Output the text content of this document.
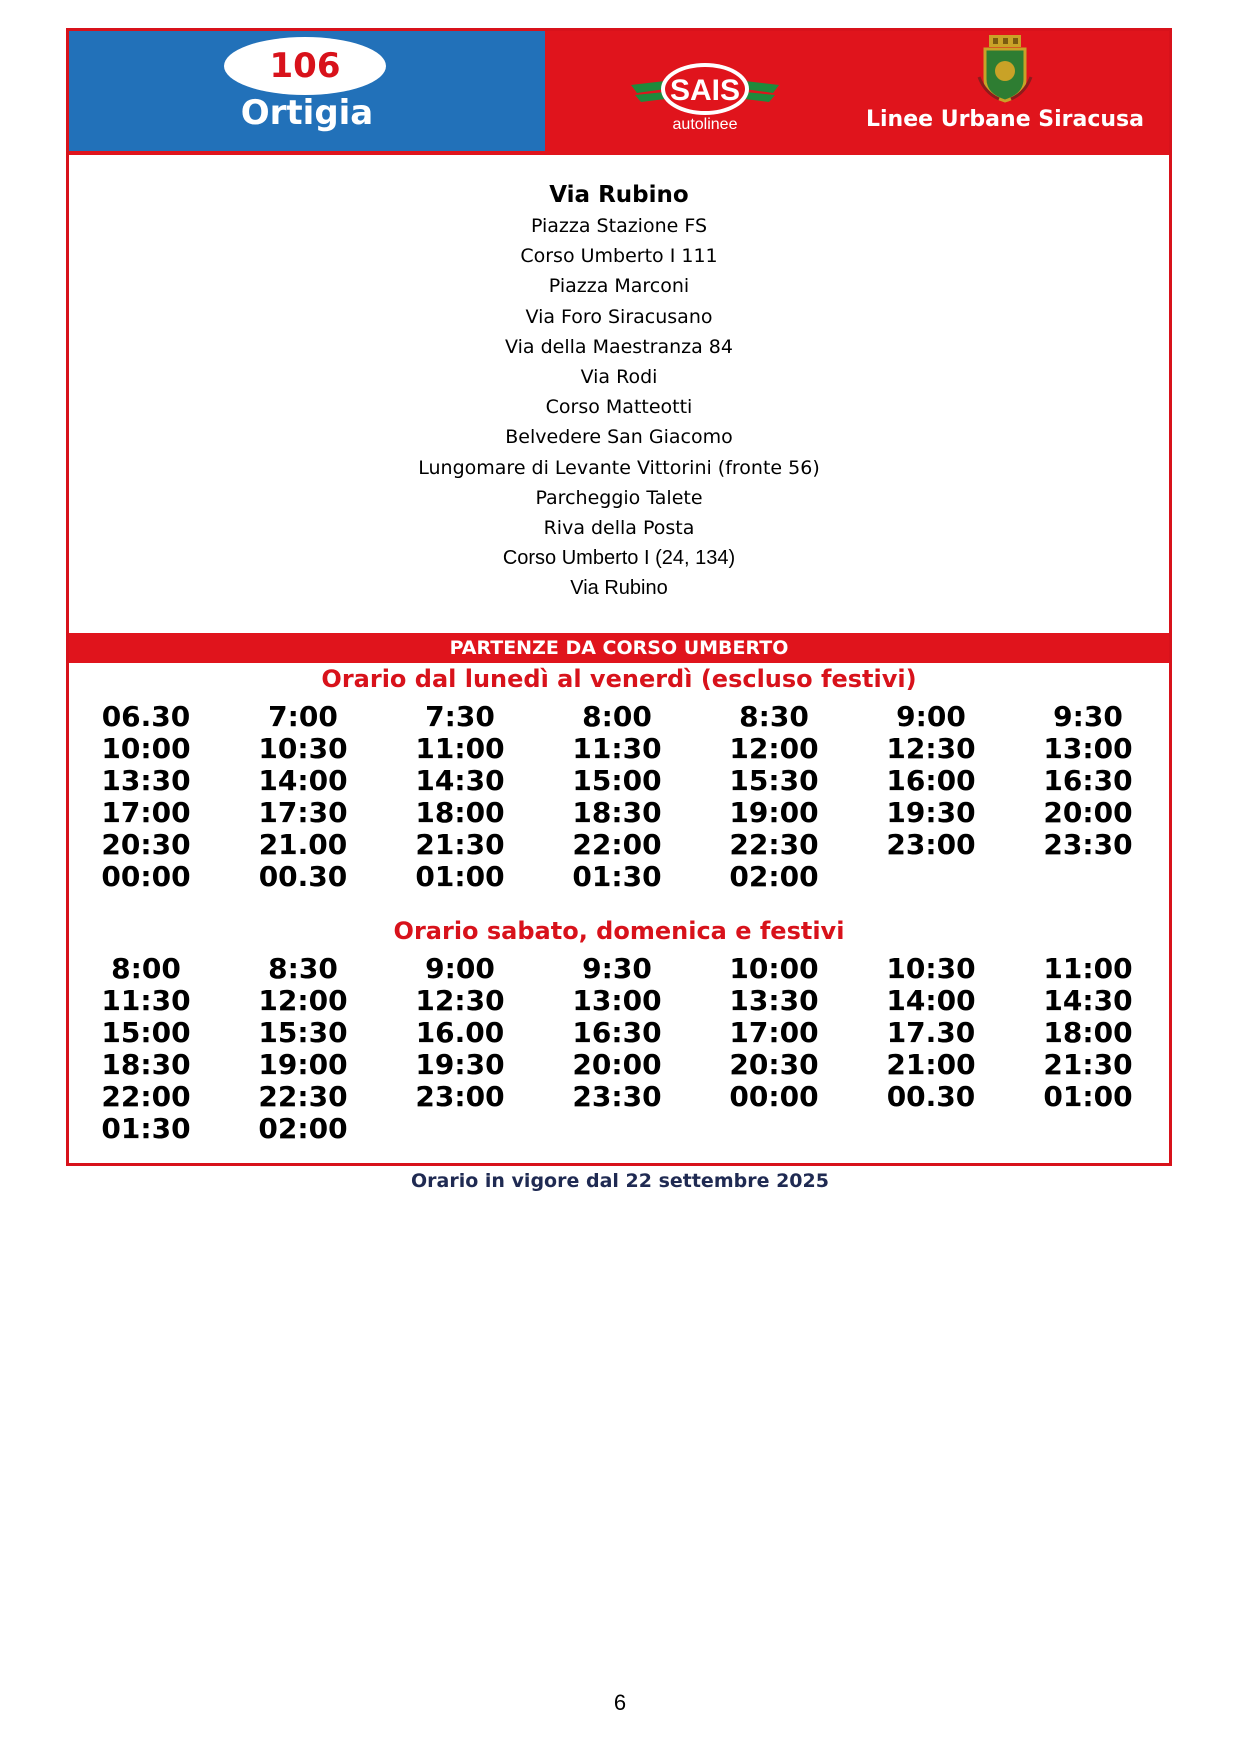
106
Ortigia
SAIS
autolinee	Linee Urbane Siracusa
Via Rubino
Piazza Stazione FS
Corso Umberto I 111
Piazza Marconi
Via Foro Siracusano
Via della Maestranza 84
Via Rodi
Corso Matteotti
Belvedere San Giacomo
Lungomare di Levante Vittorini (fronte 56)
Parcheggio Talete
Riva della Posta
Corso Umberto I (24, 134)
Via Rubino
PARTENZE DA CORSO UMBERTO
Orario dal lunedì al venerdì (escluso festivi)
06.30	7:00	7:30	8:00	8:30	9:00	9:30
10:00	10:30	11:00	11:30	12:00	12:30	13:00
13:30	14:00	14:30	15:00	15:30	16:00	16:30
17:00	17:30	18:00	18:30	19:00	19:30	20:00
20:30	21.00	21:30	22:00	22:30	23:00	23:30
00:00	00.30	01:00	01:30	02:00
Orario sabato, domenica e festivi
8:00	8:30	9:00	9:30	10:00	10:30	11:00
11:30	12:00	12:30	13:00	13:30	14:00	14:30
15:00	15:30	16.00	16:30	17:00	17.30	18:00
18:30	19:00	19:30	20:00	20:30	21:00	21:30
22:00	22:30	23:00	23:30	00:00	00.30	01:00
01:30	02:00
Orario in vigore dal 22 settembre 2025
6
